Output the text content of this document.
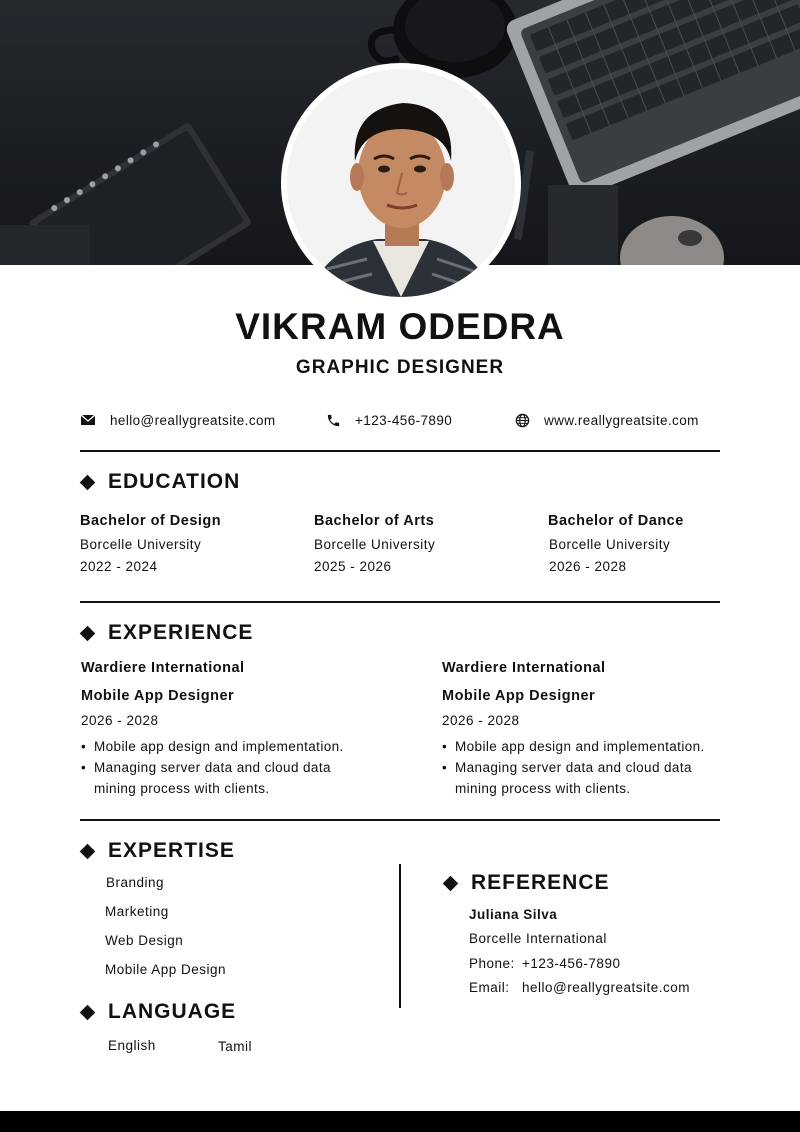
VIKRAM ODEDRA
GRAPHIC DESIGNER
hello@reallygreatsite.com	+123-456-7890	www.reallygreatsite.com
EDUCATION
Bachelor of Design
Borcelle University
2022 - 2024
Bachelor of Arts
Borcelle University
2025 - 2026
Bachelor of Dance
Borcelle University
2026 - 2028
EXPERIENCE
Wardiere International
Mobile App Designer
2026 - 2028
• Mobile app design and implementation.
• Managing server data and cloud data mining process with clients.
Wardiere International
Mobile App Designer
2026 - 2028
• Mobile app design and implementation.
• Managing server data and cloud data mining process with clients.
EXPERTISE
Branding
Marketing
Web Design
Mobile App Design
LANGUAGE
English	Tamil
REFERENCE
Juliana Silva
Borcelle International
Phone: +123-456-7890
Email: hello@reallygreatsite.com
